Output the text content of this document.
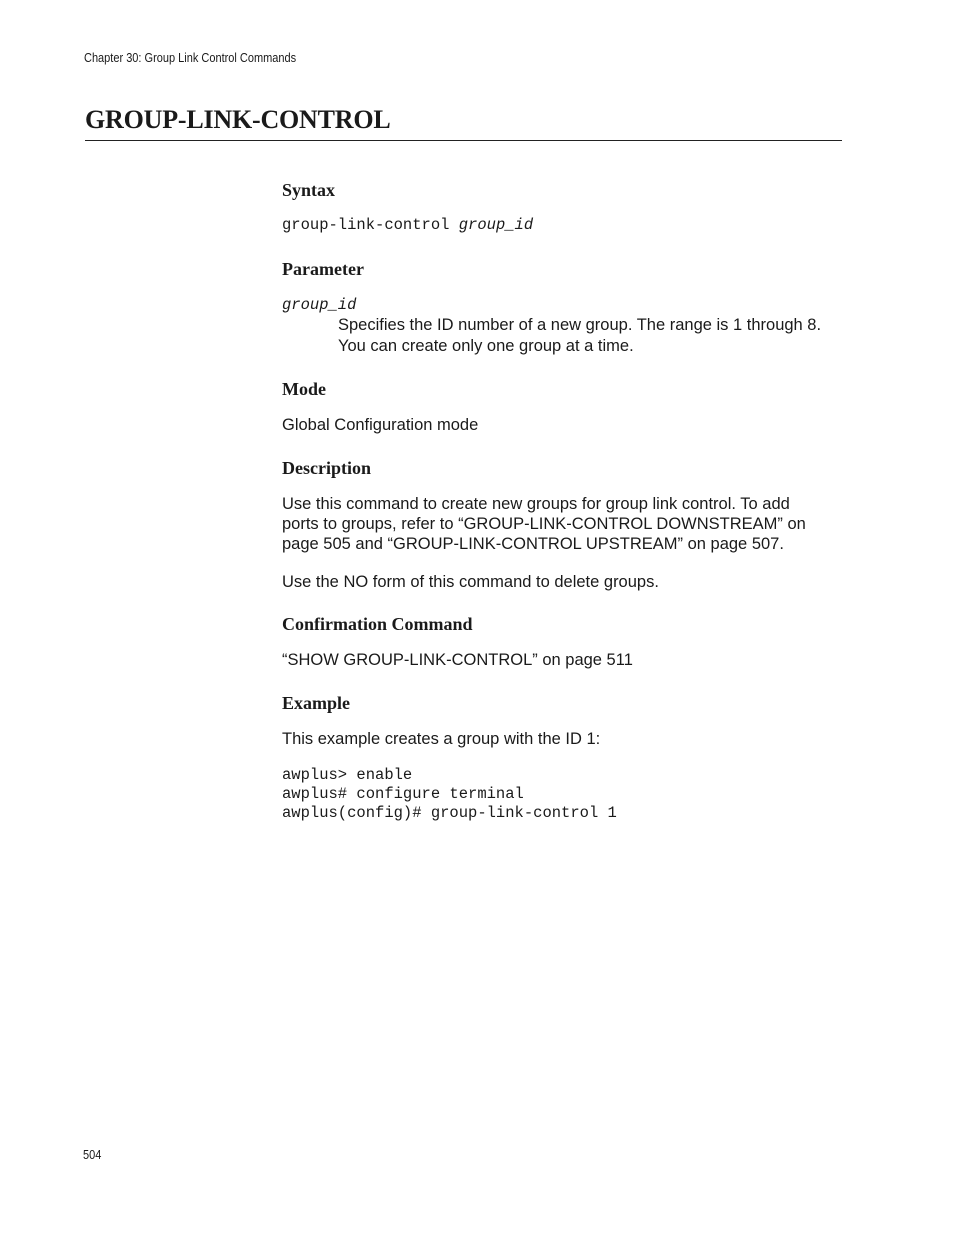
Chapter 30: Group Link Control Commands
GROUP-LINK-CONTROL
Syntax

group-link-control group_id

Parameter
group_id
Specifies the ID number of a new group. The range is 1 through 8.
You can create only one group at a time.
Mode

Global Configuration mode

Description

Use this command to create new groups for group link control. To add

ports to groups, refer to “GROUP-LINK-CONTROL DOWNSTREAM” on

page 505 and “GROUP-LINK-CONTROL UPSTREAM” on page 507.

Use the NO form of this command to delete groups.

Confirmation Command

“SHOW GROUP-LINK-CONTROL” on page 511

Example

This example creates a group with the ID 1:

awplus> enable

awplus# configure terminal

awplus(config)# group-link-control 1

504
